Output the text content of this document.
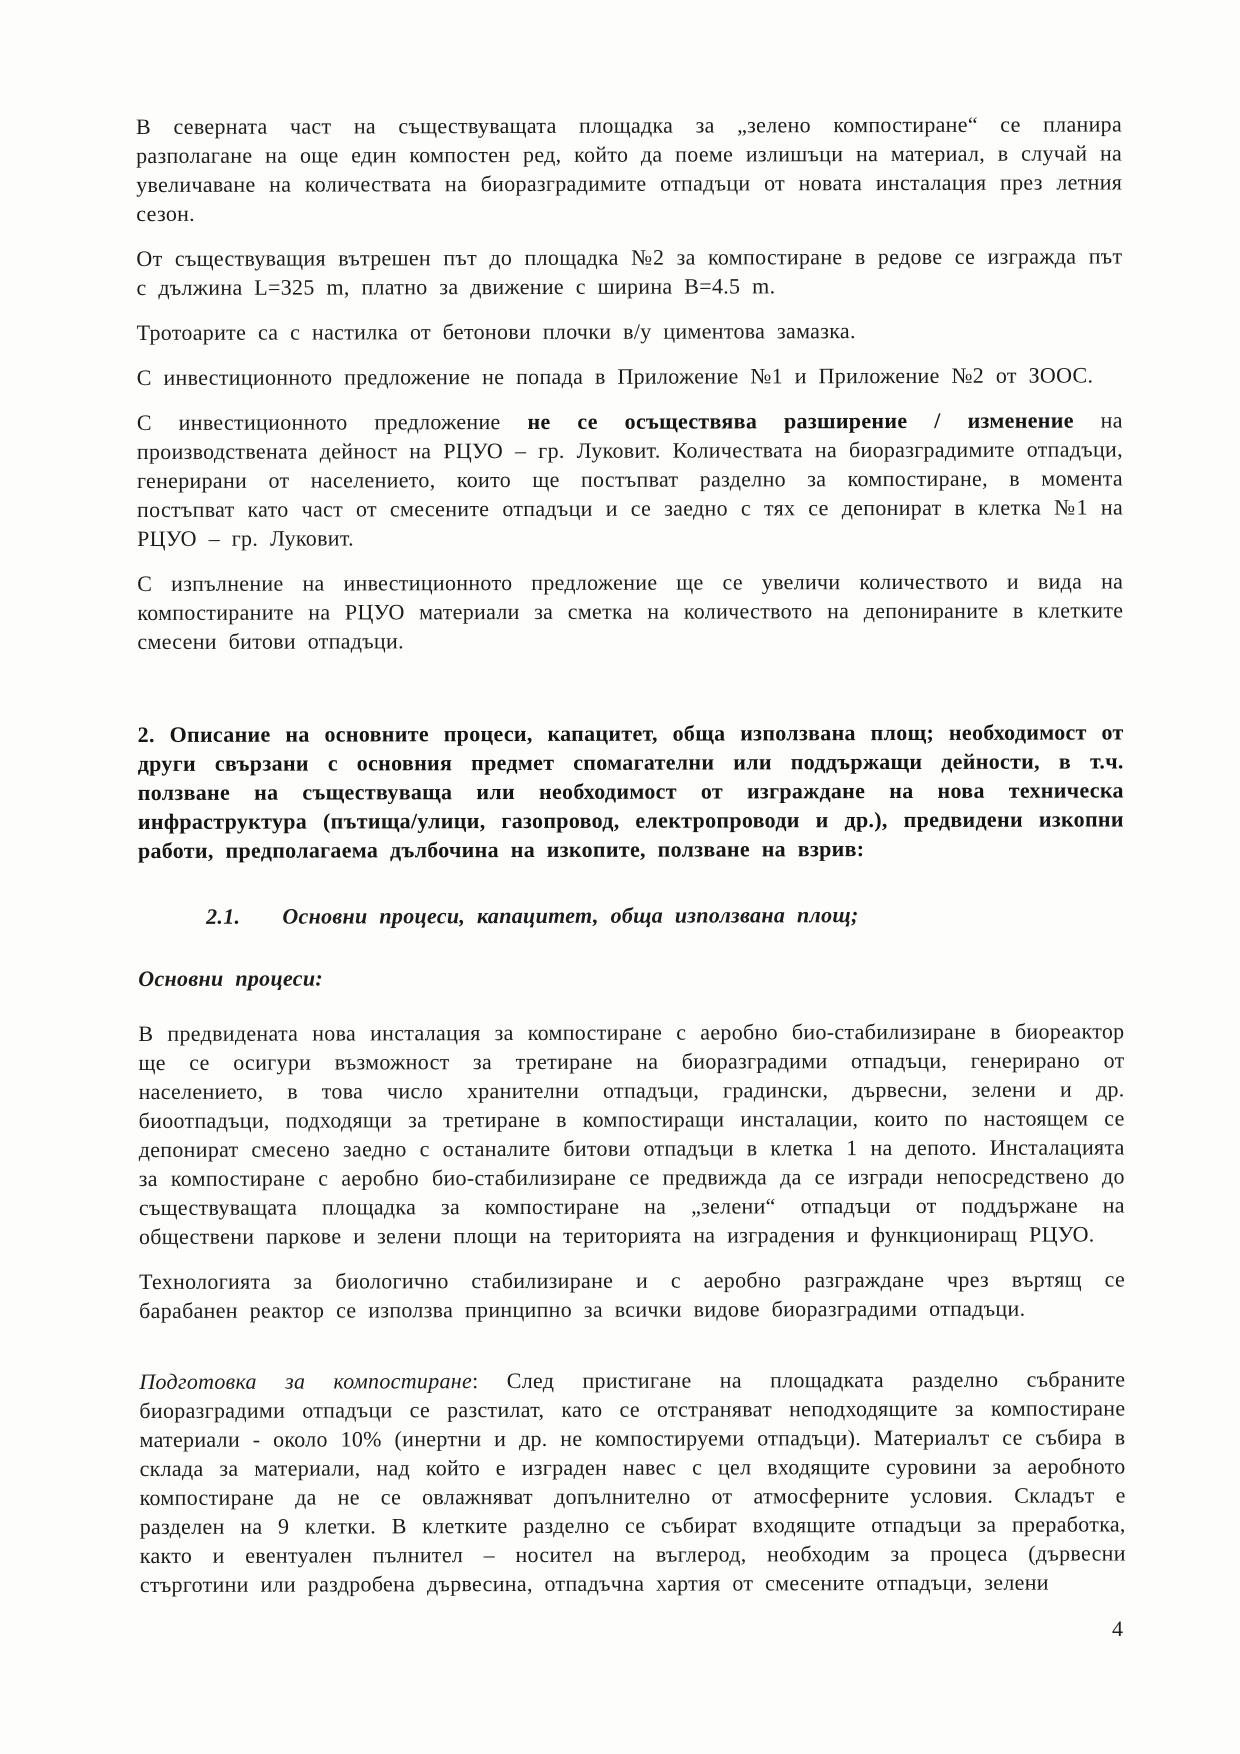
В северната част на съществуващата площадка за „зелено компостиране“ се планира разполагане на още един компостен ред, който да поеме излишъци на материал, в случай на увеличаване на количествата на биоразградимите отпадъци от новата инсталация през летния сезон.

От съществуващия вътрешен път до площадка №2 за компостиране в редове се изгражда път с дължина L=325 m, платно за движение с ширина B=4.5 m.

Тротоарите са с настилка от бетонови плочки в/у циментова замазка.

С инвестиционното предложение не попада в Приложение №1 и Приложение №2 от ЗООС.

С инвестиционното предложение не се осъществява разширение / изменение на производствената дейност на РЦУО – гр. Луковит. Количествата на биоразградимите отпадъци, генерирани от населението, които ще постъпват разделно за компостиране, в момента постъпват като част от смесените отпадъци и се заедно с тях се депонират в клетка №1 на РЦУО – гр. Луковит.

С изпълнение на инвестиционното предложение ще се увеличи количеството и вида на компостираните на РЦУО материали за сметка на количеството на депонираните в клетките смесени битови отпадъци.

2. Описание на основните процеси, капацитет, обща използвана площ; необходимост от други свързани с основния предмет спомагателни или поддържащи дейности, в т.ч. ползване на съществуваща или необходимост от изграждане на нова техническа инфраструктура (пътища/улици, газопровод, електропроводи и др.), предвидени изкопни работи, предполагаема дълбочина на изкопите, ползване на взрив:

2.1. Основни процеси, капацитет, обща използвана площ;

Основни процеси:

В предвидената нова инсталация за компостиране с аеробно био-стабилизиране в биореактор ще се осигури възможност за третиране на биоразградими отпадъци, генерирано от населението, в това число хранителни отпадъци, градински, дървесни, зелени и др. биоотпадъци, подходящи за третиране в компостиращи инсталации, които по настоящем се депонират смесено заедно с останалите битови отпадъци в клетка 1 на депото. Инсталацията за компостиране с аеробно био-стабилизиране се предвижда да се изгради непосредствено до съществуващата площадка за компостиране на „зелени“ отпадъци от поддържане на обществени паркове и зелени площи на територията на изградения и функциониращ РЦУО.

Технологията за биологично стабилизиране и с аеробно разграждане чрез въртящ се барабанен реактор се използва принципно за всички видове биоразградими отпадъци.

Подготовка за компостиране: След пристигане на площадката разделно събраните биоразградими отпадъци се разстилат, като се отстраняват неподходящите за компостиране материали - около 10% (инертни и др. не компостируеми отпадъци). Материалът се събира в склада за материали, над който е изграден навес с цел входящите суровини за аеробното компостиране да не се овлажняват допълнително от атмосферните условия. Складът е разделен на 9 клетки. В клетките разделно се събират входящите отпадъци за преработка, както и евентуален пълнител – носител на въглерод, необходим за процеса (дървесни стърготини или раздробена дървесина, отпадъчна хартия от смесените отпадъци, зелени

4
